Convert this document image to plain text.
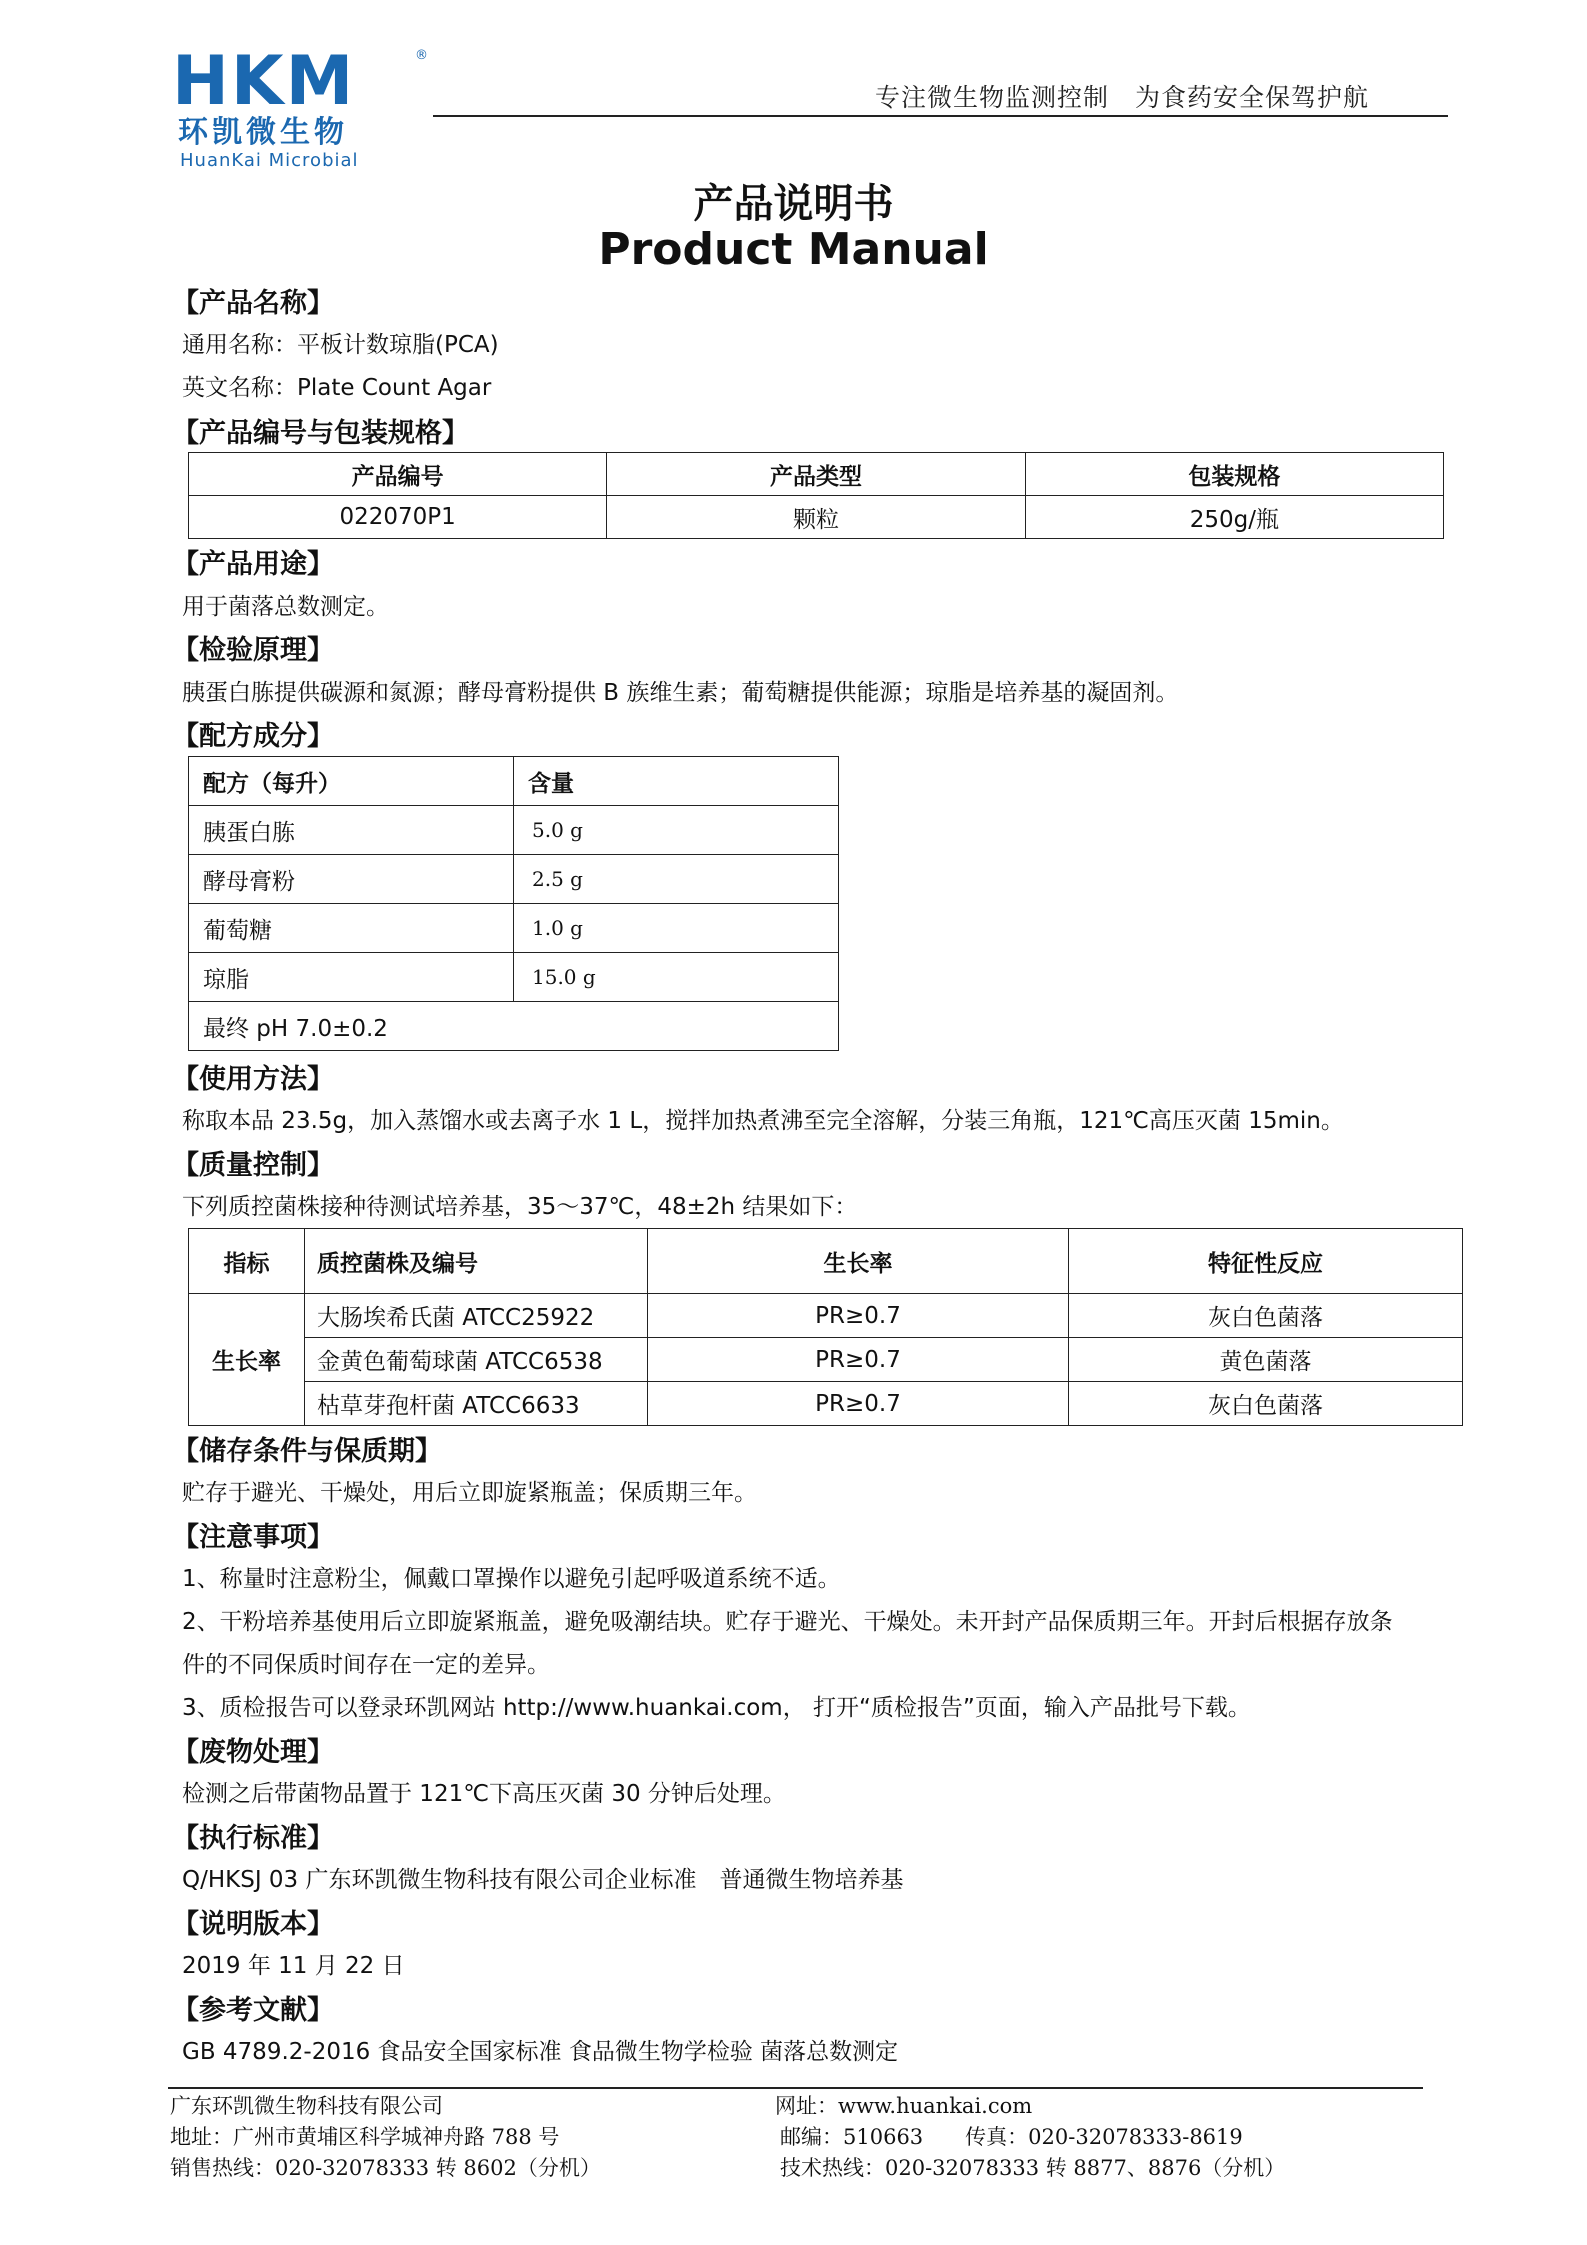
HKM	®
环凯微生物
HuanKai Microbial
专注微生物监测控制　为食药安全保驾护航
产品说明书
Product Manual
【产品名称】
通用名称：平板计数琼脂(PCA)
英文名称：Plate Count Agar
【产品编号与包装规格】
产品编号	产品类型	包装规格
022070P1	颗粒	250g/瓶
【产品用途】
用于菌落总数测定。
【检验原理】
胰蛋白胨提供碳源和氮源；酵母膏粉提供 B 族维生素；葡萄糖提供能源；琼脂是培养基的凝固剂。
【配方成分】
配方（每升）	含量
胰蛋白胨	5.0 g
酵母膏粉	2.5 g
葡萄糖	1.0 g
琼脂	15.0 g
最终 pH 7.0±0.2	
【使用方法】
称取本品 23.5g，加入蒸馏水或去离子水 1 L，搅拌加热煮沸至完全溶解，分装三角瓶，121℃高压灭菌 15min。
【质量控制】
下列质控菌株接种待测试培养基，35～37℃，48±2h 结果如下：
指标	质控菌株及编号	生长率	特征性反应
生长率	大肠埃希氏菌 ATCC25922	PR≥0.7	灰白色菌落
	金黄色葡萄球菌 ATCC6538	PR≥0.7	黄色菌落
	枯草芽孢杆菌 ATCC6633	PR≥0.7	灰白色菌落
【储存条件与保质期】
贮存于避光、干燥处，用后立即旋紧瓶盖；保质期三年。
【注意事项】
1、称量时注意粉尘，佩戴口罩操作以避免引起呼吸道系统不适。
2、干粉培养基使用后立即旋紧瓶盖，避免吸潮结块。贮存于避光、干燥处。未开封产品保质期三年。开封后根据存放条
件的不同保质时间存在一定的差异。
3、质检报告可以登录环凯网站 http://www.huankai.com， 打开“质检报告”页面，输入产品批号下载。
【废物处理】
检测之后带菌物品置于 121℃下高压灭菌 30 分钟后处理。
【执行标准】
Q/HKSJ 03 广东环凯微生物科技有限公司企业标准　普通微生物培养基
【说明版本】
2019 年 11 月 22 日
【参考文献】
GB 4789.2-2016 食品安全国家标准 食品微生物学检验 菌落总数测定
广东环凯微生物科技有限公司
地址：广州市黄埔区科学城神舟路 788 号
销售热线：020-32078333 转 8602（分机）
网址：www.huankai.com
邮编：510663　　传真：020-32078333-8619
技术热线：020-32078333 转 8877、8876（分机）
